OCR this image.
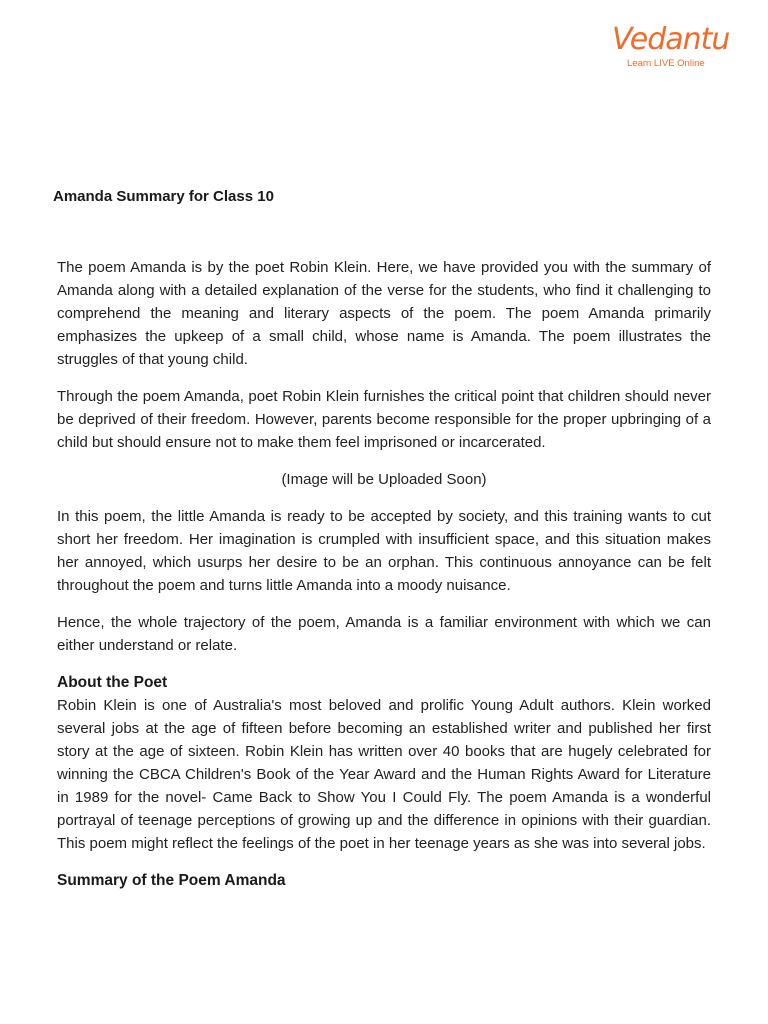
Vedantu
Learn LIVE Online
Amanda Summary for Class 10

The poem Amanda is by the poet Robin Klein. Here, we have provided you with the summary of Amanda along with a detailed explanation of the verse for the students, who find it challenging to comprehend the meaning and literary aspects of the poem. The poem Amanda primarily emphasizes the upkeep of a small child, whose name is Amanda. The poem illustrates the struggles of that young child.

Through the poem Amanda, poet Robin Klein furnishes the critical point that children should never be deprived of their freedom. However, parents become responsible for the proper upbringing of a child but should ensure not to make them feel imprisoned or incarcerated.

(Image will be Uploaded Soon)

In this poem, the little Amanda is ready to be accepted by society, and this training wants to cut short her freedom. Her imagination is crumpled with insufficient space, and this situation makes her annoyed, which usurps her desire to be an orphan. This continuous annoyance can be felt throughout the poem and turns little Amanda into a moody nuisance.

Hence, the whole trajectory of the poem, Amanda is a familiar environment with which we can either understand or relate.

About the Poet

Robin Klein is one of Australia's most beloved and prolific Young Adult authors. Klein worked several jobs at the age of fifteen before becoming an established writer and published her first story at the age of sixteen. Robin Klein has written over 40 books that are hugely celebrated for winning the CBCA Children's Book of the Year Award and the Human Rights Award for Literature in 1989 for the novel- Came Back to Show You I Could Fly. The poem Amanda is a wonderful portrayal of teenage perceptions of growing up and the difference in opinions with their guardian. This poem might reflect the feelings of the poet in her teenage years as she was into several jobs.

Summary of the Poem Amanda
